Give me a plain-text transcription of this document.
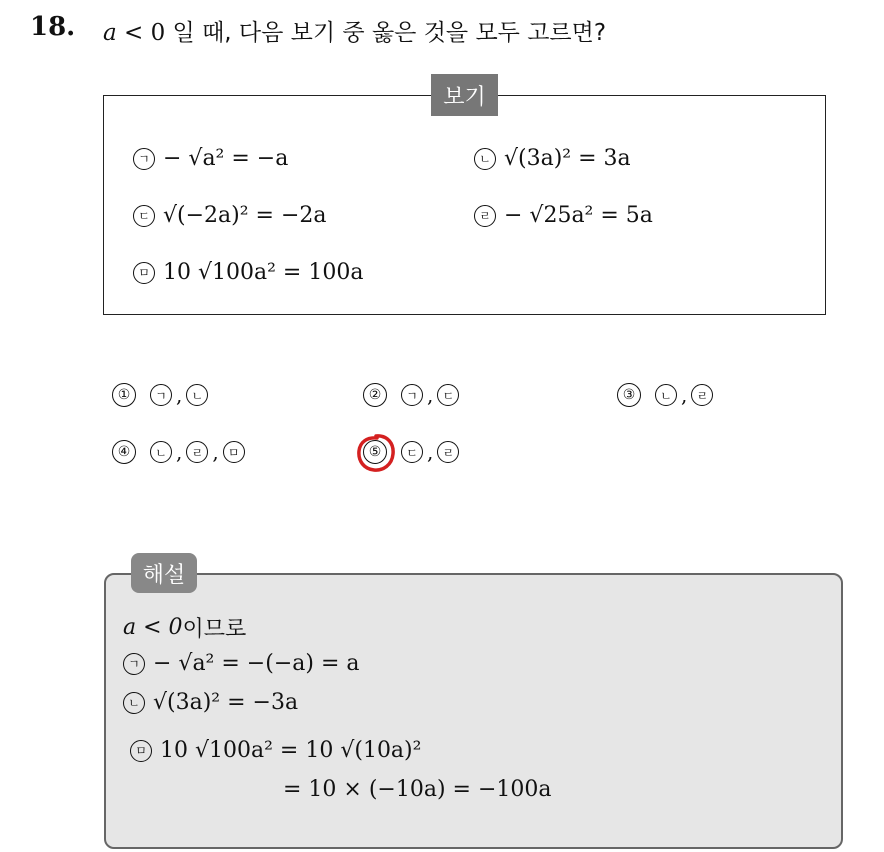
18. a < 0 일 때, 다음 보기 중 옳은 것을 모두 고르면?
보기
ㄱ − √a² = −a	ㄴ √(3a)² = 3a
ㄷ √(−2a)² = −2a	ㄹ − √25a² = 5a
ㅁ 10 √100a² = 100a
①	ㄱ , ㄴ	②	ㄱ , ㄷ	③	ㄴ , ㄹ
④	ㄴ , ㄹ , ㅁ	⑤	ㄷ , ㄹ
해설
a < 0 이므로
ㄱ − √a² = −(−a) = a
ㄴ √(3a)² = −3a
ㅁ 10 √100a² = 10 √(10a)²
= 10 × (−10a) = −100a
